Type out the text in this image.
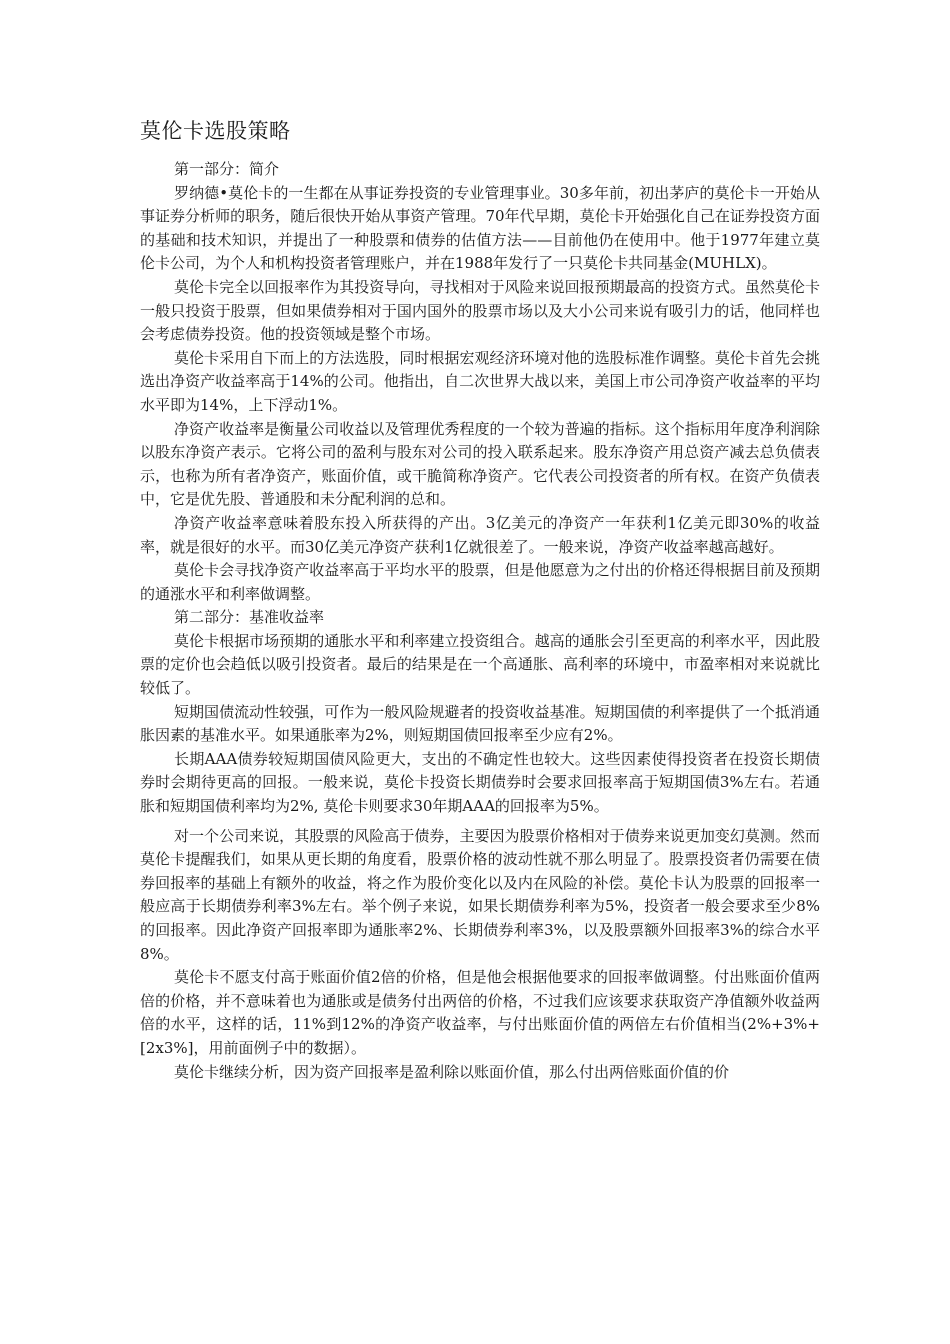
莫伦卡选股策略
第一部分：简介

罗纳德•莫伦卡的一生都在从事证券投资的专业管理事业。30多年前，初出茅庐的莫伦卡一开始从事证券分析师的职务，随后很快开始从事资产管理。70年代早期，莫伦卡开始强化自己在证券投资方面的基础和技术知识，并提出了一种股票和债券的估值方法——目前他仍在使用中。他于1977年建立莫伦卡公司，为个人和机构投资者管理账户，并在1988年发行了一只莫伦卡共同基金(MUHLX)。

莫伦卡完全以回报率作为其投资导向，寻找相对于风险来说回报预期最高的投资方式。虽然莫伦卡一般只投资于股票，但如果债券相对于国内国外的股票市场以及大小公司来说有吸引力的话，他同样也会考虑债券投资。他的投资领域是整个市场。

莫伦卡采用自下而上的方法选股，同时根据宏观经济环境对他的选股标准作调整。莫伦卡首先会挑选出净资产收益率高于14%的公司。他指出，自二次世界大战以来，美国上市公司净资产收益率的平均水平即为14%，上下浮动1%。

净资产收益率是衡量公司收益以及管理优秀程度的一个较为普遍的指标。这个指标用年度净利润除以股东净资产表示。它将公司的盈利与股东对公司的投入联系起来。股东净资产用总资产减去总负债表示，也称为所有者净资产，账面价值，或干脆简称净资产。它代表公司投资者的所有权。在资产负债表中，它是优先股、普通股和未分配利润的总和。

净资产收益率意味着股东投入所获得的产出。3亿美元的净资产一年获利1亿美元即30%的收益率，就是很好的水平。而30亿美元净资产获利1亿就很差了。一般来说，净资产收益率越高越好。

莫伦卡会寻找净资产收益率高于平均水平的股票，但是他愿意为之付出的价格还得根据目前及预期的通涨水平和利率做调整。

第二部分：基准收益率

莫伦卡根据市场预期的通胀水平和利率建立投资组合。越高的通胀会引至更高的利率水平，因此股票的定价也会趋低以吸引投资者。最后的结果是在一个高通胀、高利率的环境中，市盈率相对来说就比较低了。

短期国债流动性较强，可作为一般风险规避者的投资收益基准。短期国债的利率提供了一个抵消通胀因素的基准水平。如果通胀率为2%，则短期国债回报率至少应有2%。

长期AAA债券较短期国债风险更大，支出的不确定性也较大。这些因素使得投资者在投资长期债券时会期待更高的回报。一般来说，莫伦卡投资长期债券时会要求回报率高于短期国债3%左右。若通胀和短期国债利率均为2%, 莫伦卡则要求30年期AAA的回报率为5%。

对一个公司来说，其股票的风险高于债券，主要因为股票价格相对于债券来说更加变幻莫测。然而莫伦卡提醒我们，如果从更长期的角度看，股票价格的波动性就不那么明显了。股票投资者仍需要在债券回报率的基础上有额外的收益，将之作为股价变化以及内在风险的补偿。莫伦卡认为股票的回报率一般应高于长期债券利率3%左右。举个例子来说，如果长期债券利率为5%，投资者一般会要求至少8%的回报率。因此净资产回报率即为通胀率2%、长期债券利率3%，以及股票额外回报率3%的综合水平8%。

莫伦卡不愿支付高于账面价值2倍的价格，但是他会根据他要求的回报率做调整。付出账面价值两倍的价格，并不意味着也为通胀或是债务付出两倍的价格，不过我们应该要求获取资产净值额外收益两倍的水平，这样的话，11%到12%的净资产收益率，与付出账面价值的两倍左右价值相当(2%+3%+[2x3%]，用前面例子中的数据）。

莫伦卡继续分析，因为资产回报率是盈利除以账面价值，那么付出两倍账面价值的价
